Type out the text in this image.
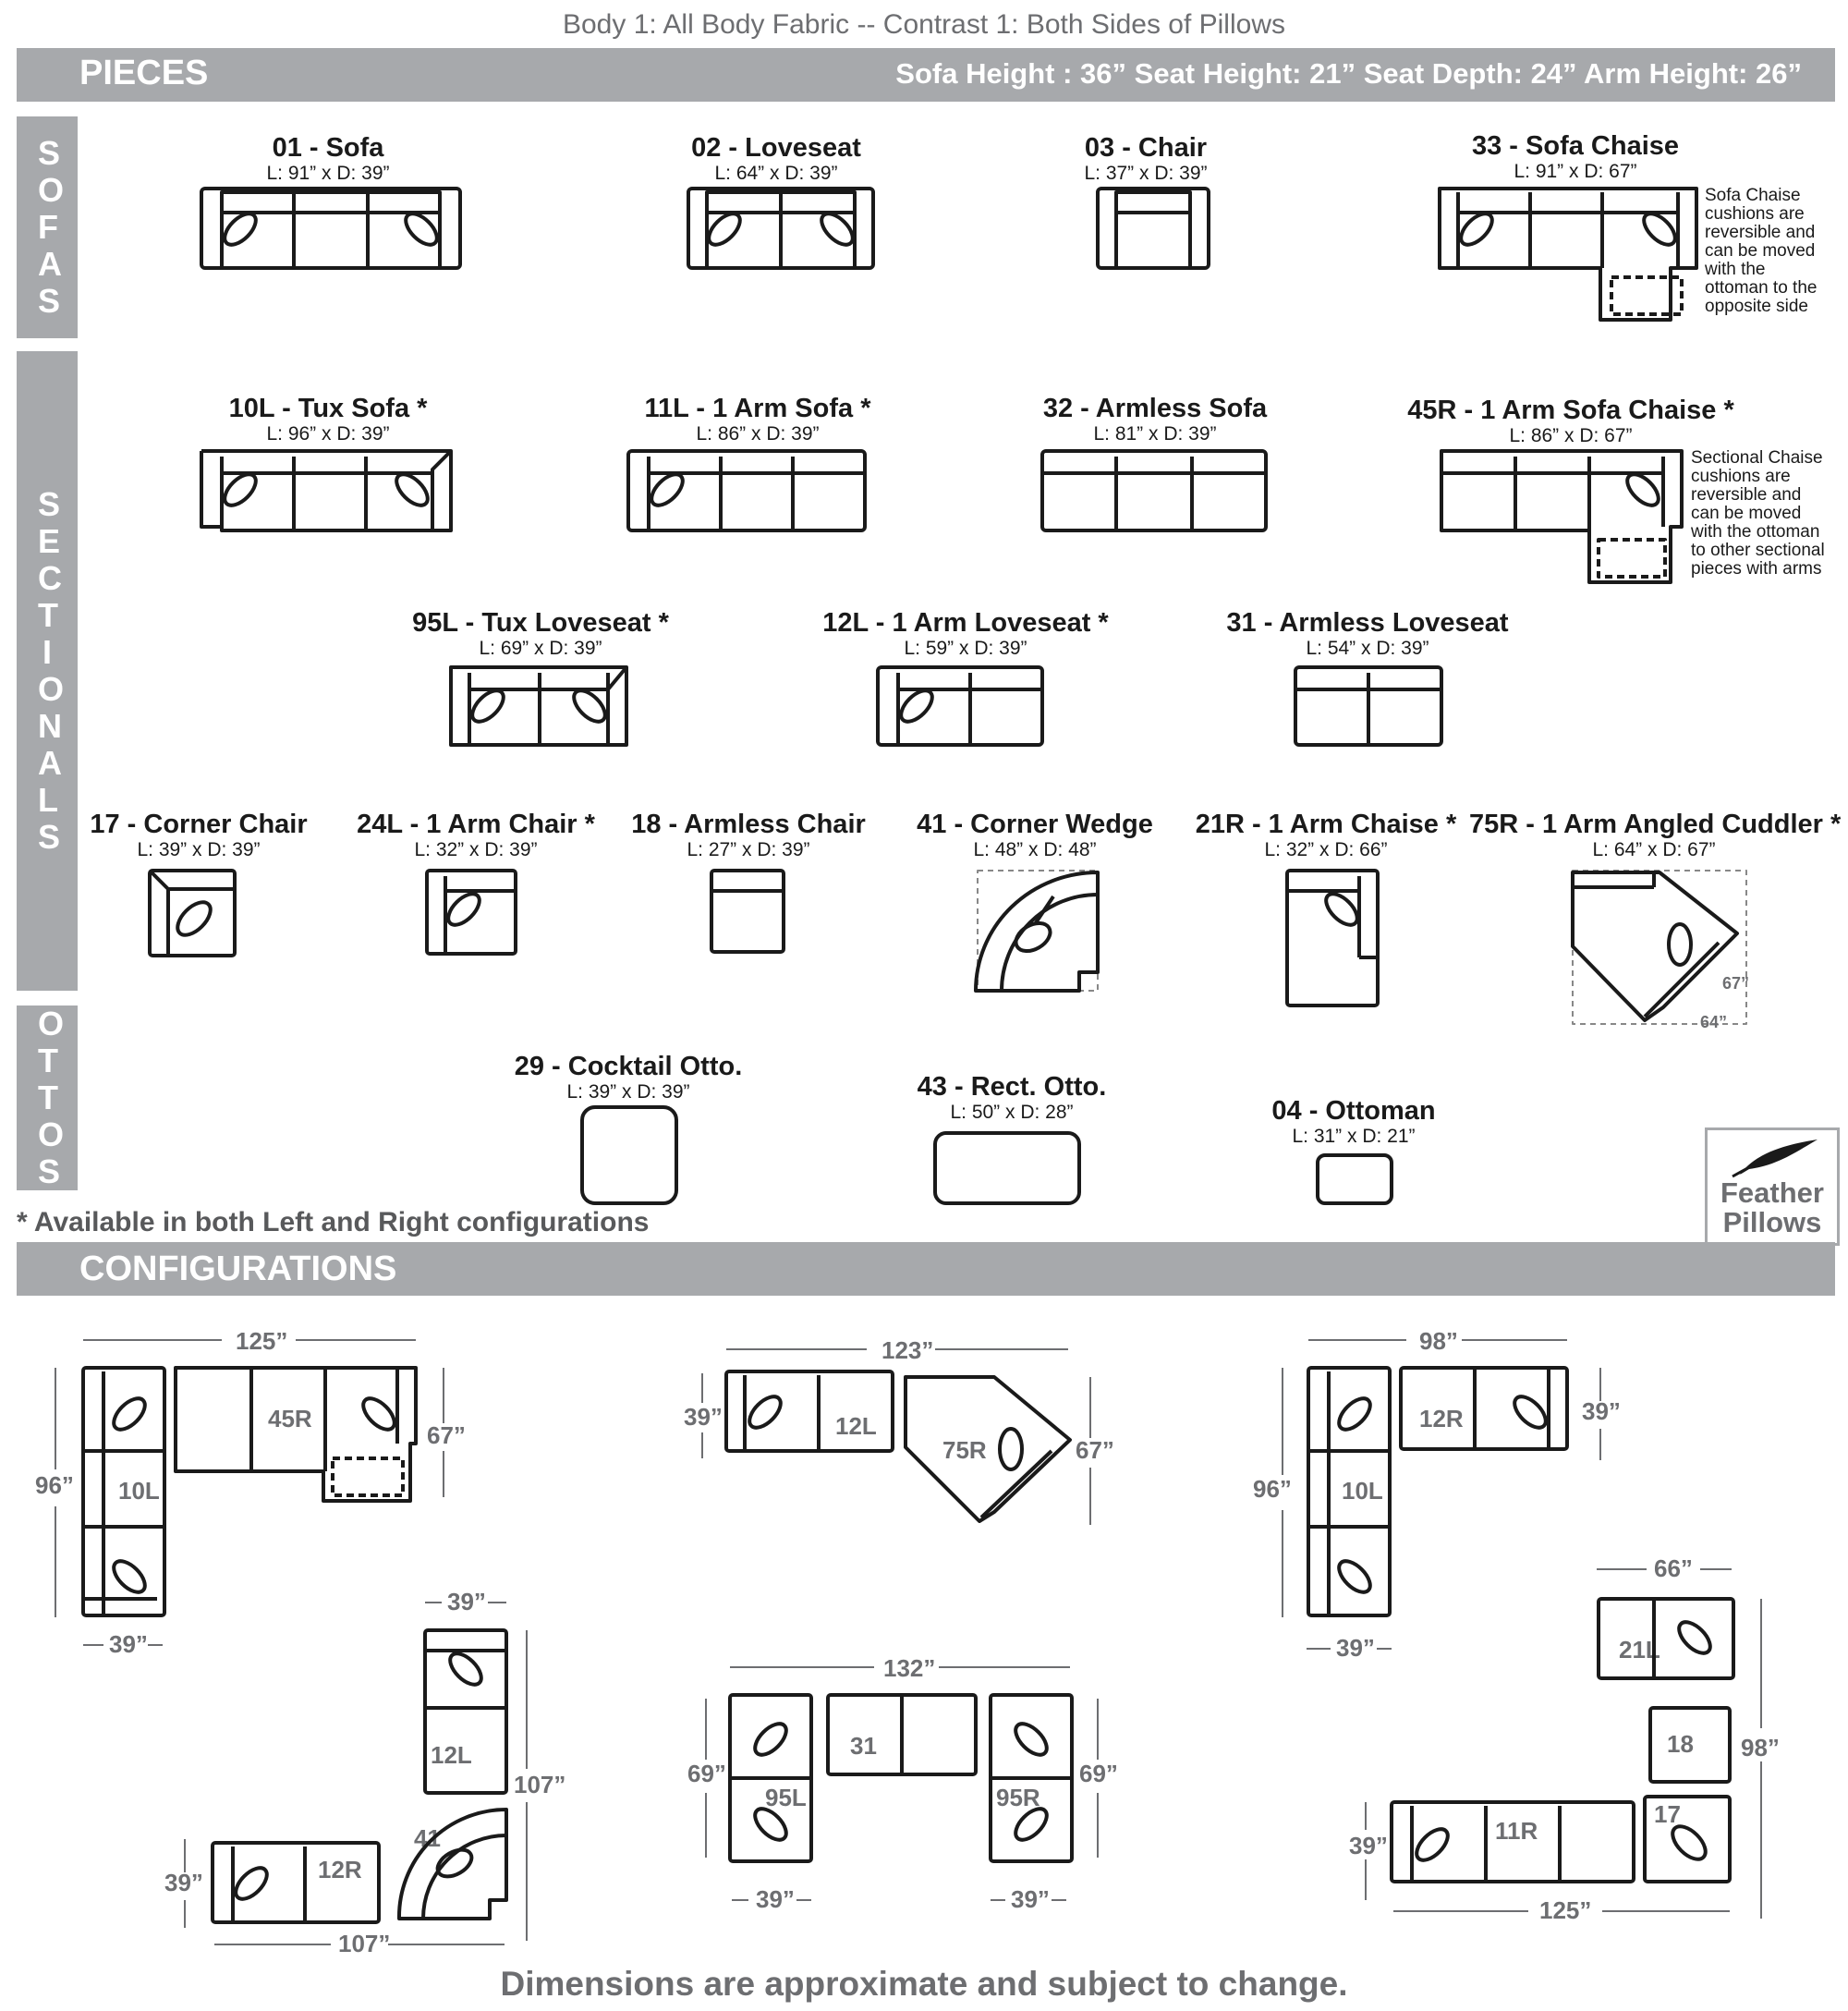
Body 1: All Body Fabric -- Contrast 1: Both Sides of Pillows
PIECES	Sofa Height : 36” Seat Height: 21” Seat Depth: 24” Arm Height: 26”
SOFAS
SECTIONALS
OTTOS
01 - Sofa
L: 91” x D: 39”
02 - Loveseat
L: 64” x D: 39”
03 - Chair
L: 37” x D: 39”
33 - Sofa Chaise
L: 91” x D: 67”
Sofa Chaise
cushions are
reversible and
can be moved
with the
ottoman to the
opposite side
10L - Tux Sofa *
L: 96” x D: 39”
11L - 1 Arm Sofa *
L: 86” x D: 39”
32 - Armless Sofa
L: 81” x D: 39”
45R - 1 Arm Sofa Chaise *
L: 86” x D: 67”
Sectional Chaise
cushions are
reversible and
can be moved
with the ottoman
to other sectional
pieces with arms
95L - Tux Loveseat *
L: 69” x D: 39”
12L - 1 Arm Loveseat *
L: 59” x D: 39”
31 - Armless Loveseat
L: 54” x D: 39”
17 - Corner Chair
L: 39” x D: 39”
24L - 1 Arm Chair *
L: 32” x D: 39”
18 - Armless Chair
L: 27” x D: 39”
41 - Corner Wedge
L: 48” x D: 48”
21R - 1 Arm Chaise *
L: 32” x D: 66”
75R - 1 Arm Angled Cuddler *
L: 64” x D: 67”
29 - Cocktail Otto.
L: 39” x D: 39”	43 - Rect. Otto.
L: 50” x D: 28”	04 - Ottoman
L: 31” x D: 21”
67”
64”
* Available in both Left and Right configurations
Feather
Pillows
CONFIGURATIONS
125”
96”
67”
39”
45R
10L
123”
39”
67”
12L
75R
98”
96”
39”
39”
12R
10L
39”
107”
39”
107”
12L
41
12R
132”
69”	69”
39”	39”
31
95L	95R
66”
98”
39”
125”
21L
18
11R
17
Dimensions are approximate and subject to change.
